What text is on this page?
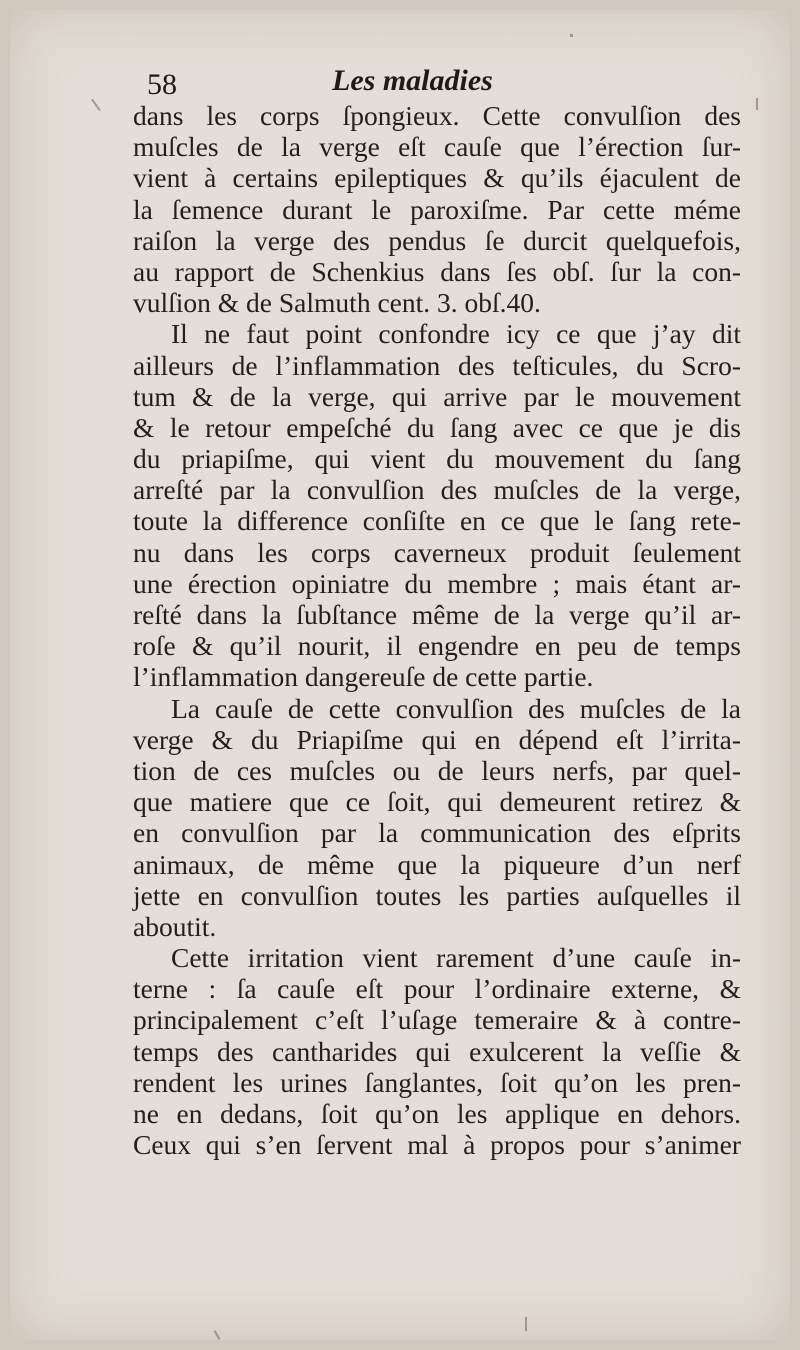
58	Les maladies
dans les corps ſpongieux. Cette convulſion des
muſcles de la verge eſt cauſe que l’érection ſur-
vient à certains epileptiques & qu’ils éjaculent de
la ſemence durant le paroxiſme. Par cette méme
raiſon la verge des pendus ſe durcit quelquefois,
au rapport de Schenkius dans ſes obſ. ſur la con-
vulſion & de Salmuth cent. 3. obſ.40.
Il ne faut point confondre icy ce que j’ay dit
ailleurs de l’inflammation des teſticules, du Scro-
tum & de la verge, qui arrive par le mouvement
& le retour empeſché du ſang avec ce que je dis
du priapiſme, qui vient du mouvement du ſang
arreſté par la convulſion des muſcles de la verge,
toute la difference conſiſte en ce que le ſang rete-
nu dans les corps caverneux produit ſeulement
une érection opiniatre du membre ; mais étant ar-
reſté dans la ſubſtance même de la verge qu’il ar-
roſe & qu’il nourit, il engendre en peu de temps
l’inflammation dangereuſe de cette partie.
La cauſe de cette convulſion des muſcles de la
verge & du Priapiſme qui en dépend eſt l’irrita-
tion de ces muſcles ou de leurs nerfs, par quel-
que matiere que ce ſoit, qui demeurent retirez &
en convulſion par la communication des eſprits
animaux, de même que la piqueure d’un nerf
jette en convulſion toutes les parties auſquelles il
aboutit.
Cette irritation vient rarement d’une cauſe in-
terne : ſa cauſe eſt pour l’ordinaire externe, &
principalement c’eſt l’uſage temeraire & à contre-
temps des cantharides qui exulcerent la veſſie &
rendent les urines ſanglantes, ſoit qu’on les pren-
ne en dedans, ſoit qu’on les applique en dehors.
Ceux qui s’en ſervent mal à propos pour s’animer
